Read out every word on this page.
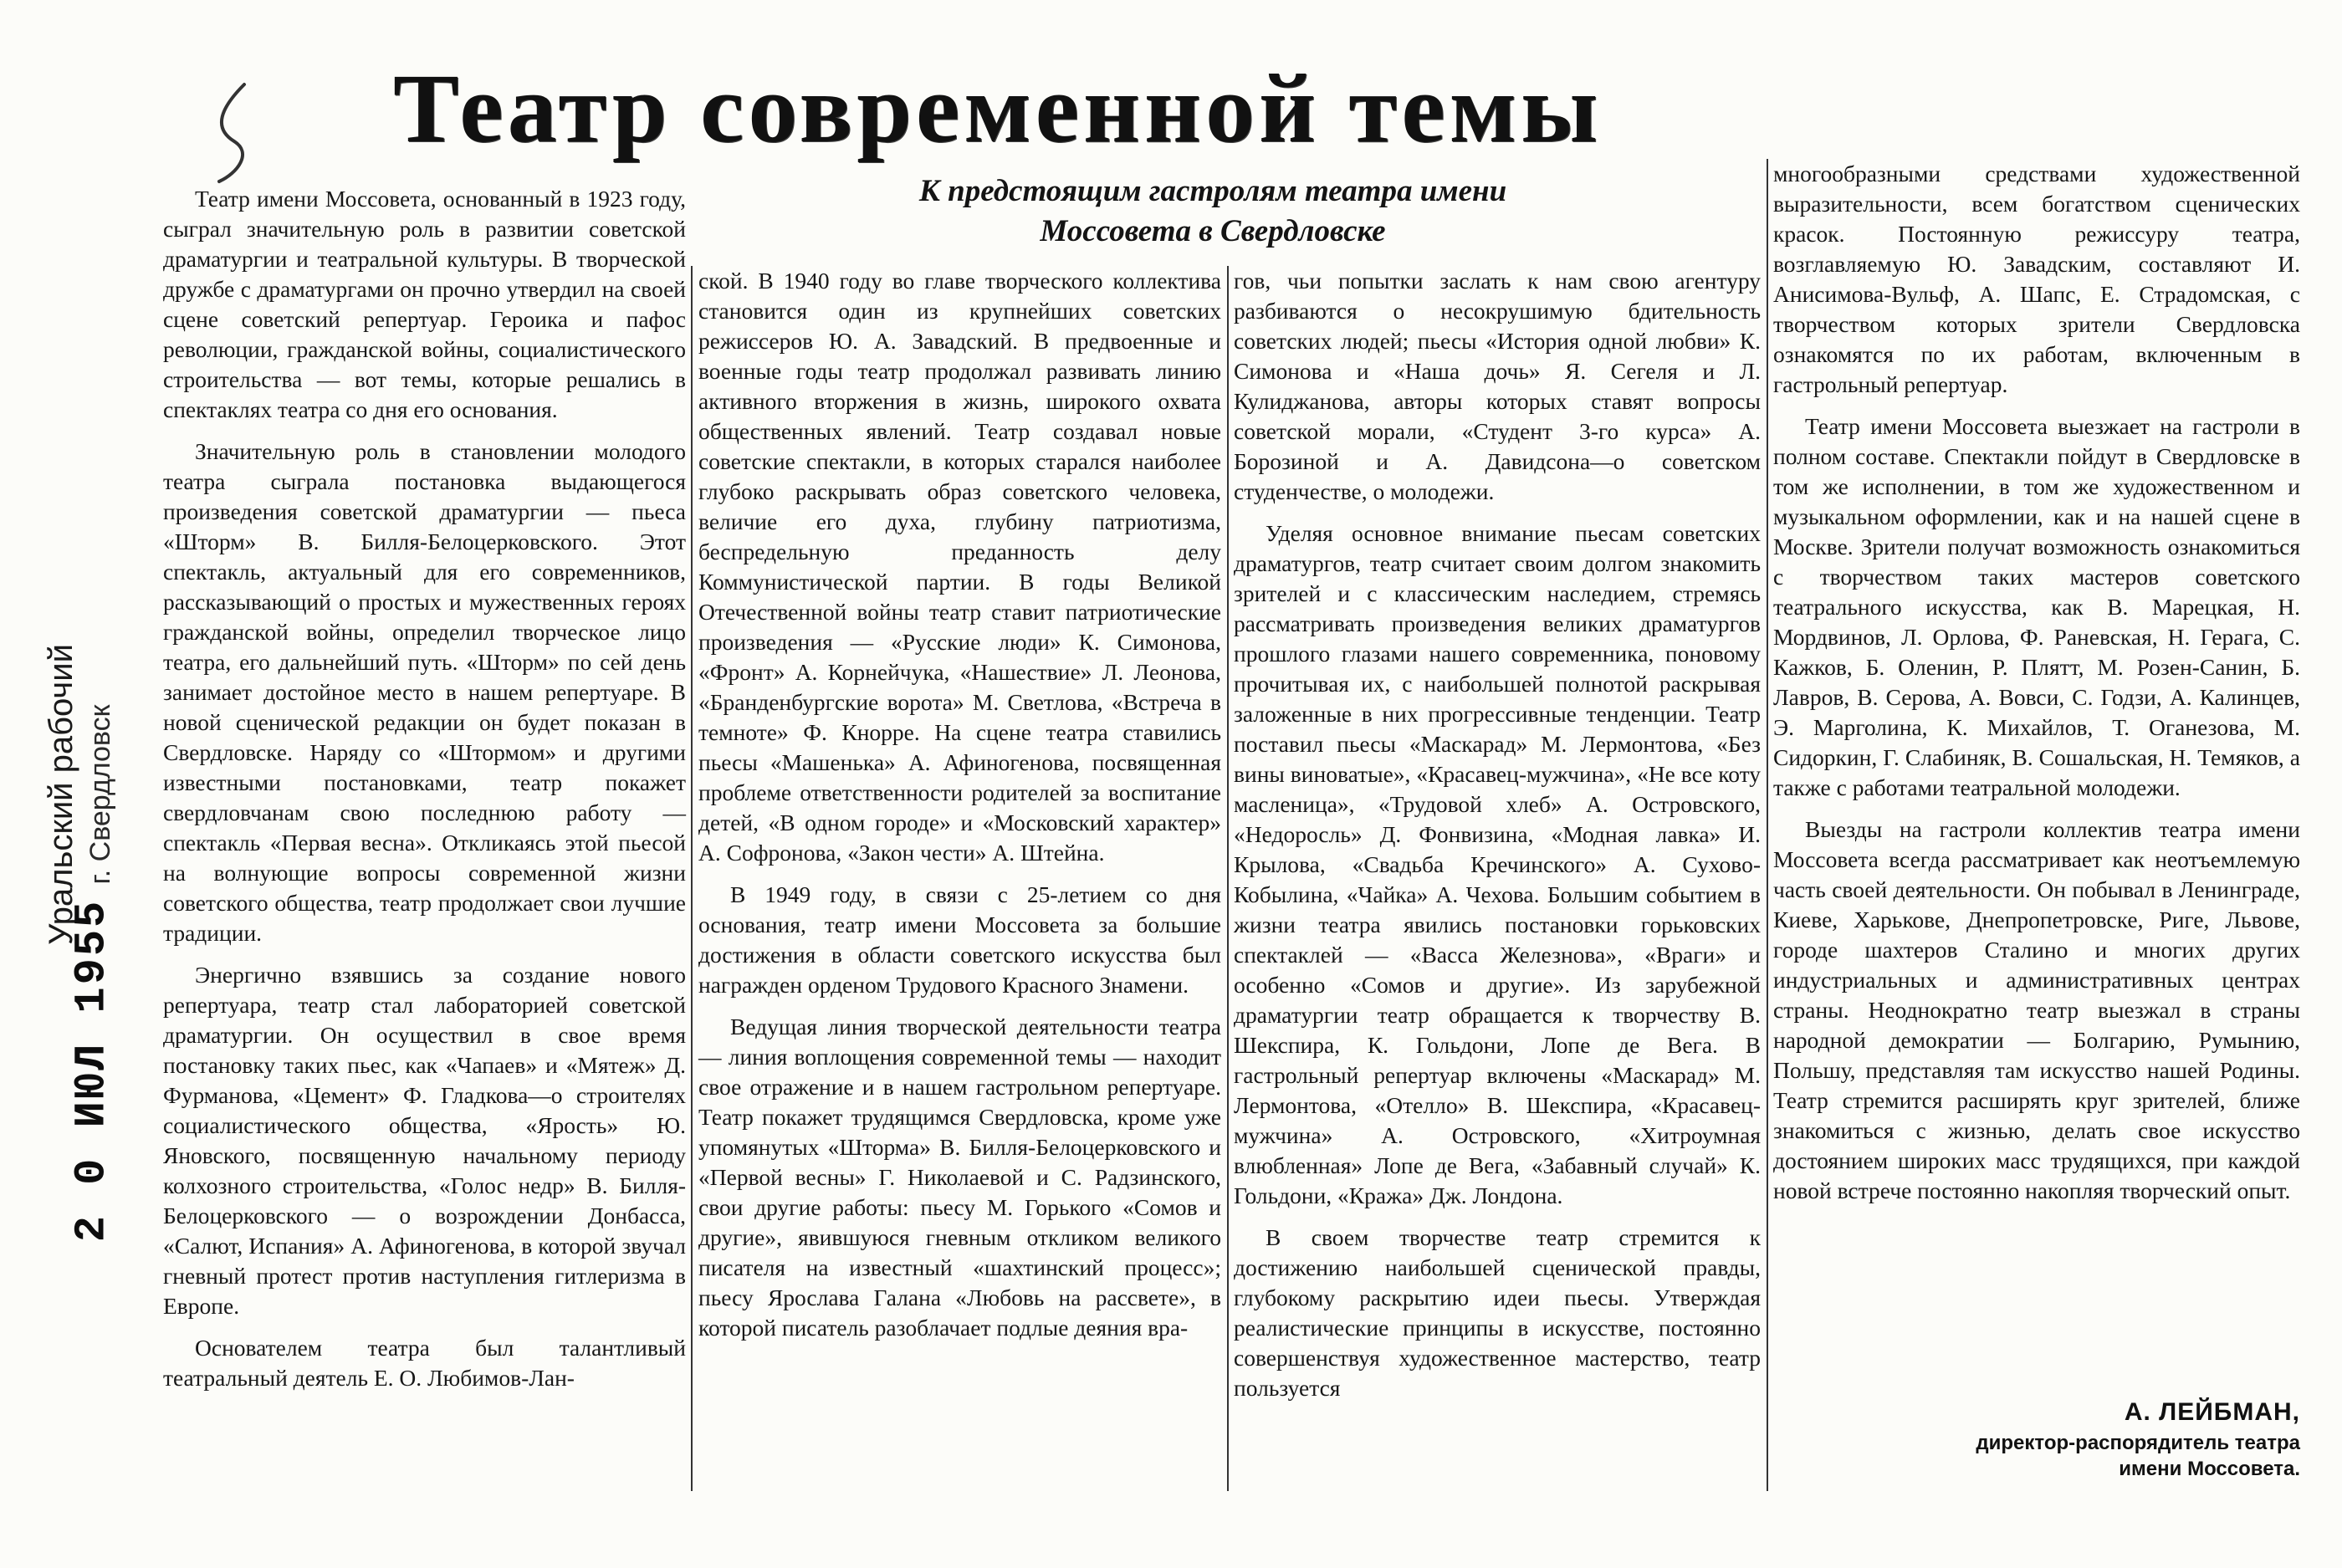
Театр современной темы
К предстоящим гастролям театра имени Моссовета в Свердловске
Уральский рабочий г. Свердловск
2 0 ИЮЛ 1955

Театр имени Моссовета, основанный в 1923 году, сыграл значительную роль в развитии советской драматургии и театральной культуры. В творческой дружбе с драматургами он прочно утвердил на своей сцене советский репертуар. Героика и пафос революции, гражданской войны, социалистического строительства — вот темы, которые решались в спектаклях театра со дня его основания.

Значительную роль в становлении молодого театра сыграла постановка выдающегося произведения советской драматургии — пьеса «Шторм» В. Билля-Белоцерковского. Этот спектакль, актуальный для его современников, рассказывающий о простых и мужественных героях гражданской войны, определил творческое лицо театра, его дальнейший путь. «Шторм» по сей день занимает достойное место в нашем репертуаре. В новой сценической редакции он будет показан в Свердловске. Наряду со «Штормом» и другими известными постановками, театр покажет свердловчанам свою последнюю работу — спектакль «Первая весна». Откликаясь этой пьесой на волнующие вопросы современной жизни советского общества, театр продолжает свои лучшие традиции.

Энергично взявшись за создание нового репертуара, театр стал лабораторией советской драматургии. Он осуществил в свое время постановку таких пьес, как «Чапаев» и «Мятеж» Д. Фурманова, «Цемент» Ф. Гладкова—о строителях социалистического общества, «Ярость» Ю. Яновского, посвященную начальному периоду колхозного строительства, «Голос недр» В. Билля-Белоцерковского — о возрождении Донбасса, «Салют, Испания» А. Афиногенова, в которой звучал гневный протест против наступления гитлеризма в Европе.

Основателем театра был талантливый театральный деятель Е. О. Любимов-Лан-

ской. В 1940 году во главе творческого коллектива становится один из крупнейших советских режиссеров Ю. А. Завадский. В предвоенные и военные годы театр продолжал развивать линию активного вторжения в жизнь, широкого охвата общественных явлений. Театр создавал новые советские спектакли, в которых старался наиболее глубоко раскрывать образ советского человека, величие его духа, глубину патриотизма, беспредельную преданность делу Коммунистической партии. В годы Великой Отечественной войны театр ставит патриотические произведения — «Русские люди» К. Симонова, «Фронт» А. Корнейчука, «Нашествие» Л. Леонова, «Бранденбургские ворота» М. Светлова, «Встреча в темноте» Ф. Кнорре. На сцене театра ставились пьесы «Машенька» А. Афиногенова, посвященная проблеме ответственности родителей за воспитание детей, «В одном городе» и «Московский характер» А. Софронова, «Закон чести» А. Штейна.

В 1949 году, в связи с 25-летием со дня основания, театр имени Моссовета за большие достижения в области советского искусства был награжден орденом Трудового Красного Знамени.

Ведущая линия творческой деятельности театра — линия воплощения современной темы — находит свое отражение и в нашем гастрольном репертуаре. Театр покажет трудящимся Свердловска, кроме уже упомянутых «Шторма» В. Билля-Белоцерковского и «Первой весны» Г. Николаевой и С. Радзинского, свои другие работы: пьесу М. Горького «Сомов и другие», явившуюся гневным откликом великого писателя на известный «шахтинский процесс»; пьесу Ярослава Галана «Любовь на рассвете», в которой писатель разоблачает подлые деяния вра-

гов, чьи попытки заслать к нам свою агентуру разбиваются о несокрушимую бдительность советских людей; пьесы «История одной любви» К. Симонова и «Наша дочь» Я. Сегеля и Л. Кулиджанова, авторы которых ставят вопросы советской морали, «Студент 3-го курса» А. Борозиной и А. Давидсона—о советском студенчестве, о молодежи.

Уделяя основное внимание пьесам советских драматургов, театр считает своим долгом знакомить зрителей и с классическим наследием, стремясь рассматривать произведения великих драматургов прошлого глазами нашего современника, поновому прочитывая их, с наибольшей полнотой раскрывая заложенные в них прогрессивные тенденции. Театр поставил пьесы «Маскарад» М. Лермонтова, «Без вины виноватые», «Красавец-мужчина», «Не все коту масленица», «Трудовой хлеб» А. Островского, «Недоросль» Д. Фонвизина, «Модная лавка» И. Крылова, «Свадьба Кречинского» А. Сухово-Кобылина, «Чайка» А. Чехова. Большим событием в жизни театра явились постановки горьковских спектаклей — «Васса Железнова», «Враги» и особенно «Сомов и другие». Из зарубежной драматургии театр обращается к творчеству В. Шекспира, К. Гольдони, Лопе де Вега. В гастрольный репертуар включены «Маскарад» М. Лермонтова, «Отелло» В. Шекспира, «Красавец-мужчина» А. Островского, «Хитроумная влюбленная» Лопе де Вега, «Забавный случай» К. Гольдони, «Кража» Дж. Лондона.

В своем творчестве театр стремится к достижению наибольшей сценической правды, глубокому раскрытию идеи пьесы. Утверждая реалистические принципы в искусстве, постоянно совершенствуя художественное мастерство, театр пользуется

многообразными средствами художественной выразительности, всем богатством сценических красок. Постоянную режиссуру театра, возглавляемую Ю. Завадским, составляют И. Анисимова-Вульф, А. Шапс, Е. Страдомская, с творчеством которых зрители Свердловска ознакомятся по их работам, включенным в гастрольный репертуар.

Театр имени Моссовета выезжает на гастроли в полном составе. Спектакли пойдут в Свердловске в том же исполнении, в том же художественном и музыкальном оформлении, как и на нашей сцене в Москве. Зрители получат возможность ознакомиться с творчеством таких мастеров советского театрального искусства, как В. Марецкая, Н. Мордвинов, Л. Орлова, Ф. Раневская, Н. Герага, С. Кажков, Б. Оленин, Р. Плятт, М. Розен-Санин, Б. Лавров, В. Серова, А. Вовси, С. Годзи, А. Калинцев, Э. Марголина, К. Михайлов, Т. Оганезова, М. Сидоркин, Г. Слабиняк, В. Сошальская, Н. Темяков, а также с работами театральной молодежи.

Выезды на гастроли коллектив театра имени Моссовета всегда рассматривает как неотъемлемую часть своей деятельности. Он побывал в Ленинграде, Киеве, Харькове, Днепропетровске, Риге, Львове, городе шахтеров Сталино и многих других индустриальных и административных центрах страны. Неоднократно театр выезжал в страны народной демократии — Болгарию, Румынию, Польшу, представляя там искусство нашей Родины. Театр стремится расширять круг зрителей, ближе знакомиться с жизнью, делать свое искусство достоянием широких масс трудящихся, при каждой новой встрече постоянно накопляя творческий опыт.

А. ЛЕЙБМАН,
директор-распорядитель театра
имени Моссовета.
